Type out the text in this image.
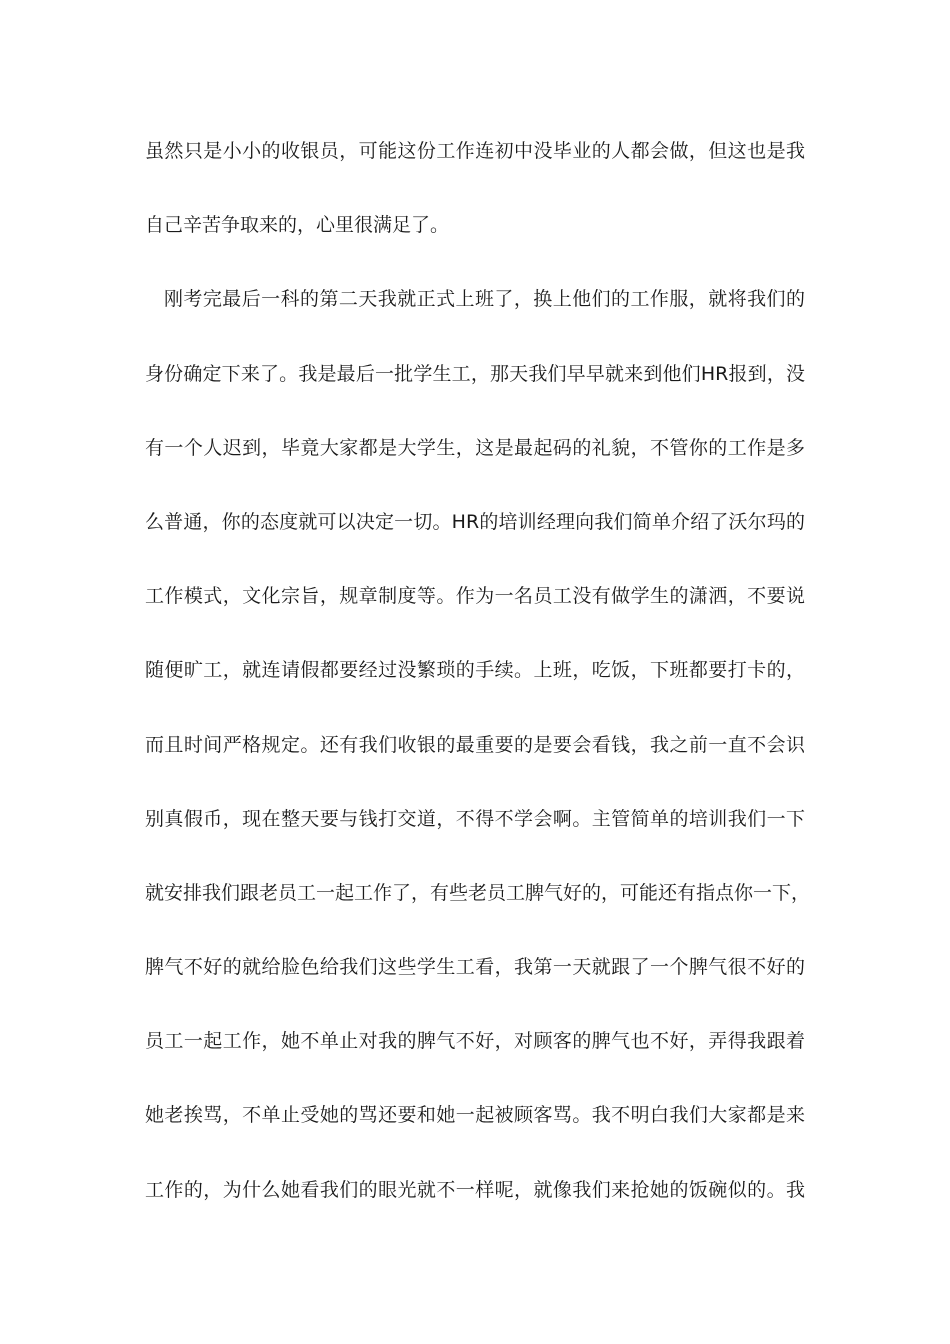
虽然只是小小的收银员，可能这份工作连初中没毕业的人都会做，但这也是我
自己辛苦争取来的，心里很满足了。
刚考完最后一科的第二天我就正式上班了，换上他们的工作服，就将我们的
身份确定下来了。我是最后一批学生工，那天我们早早就来到他们HR报到，没
有一个人迟到，毕竟大家都是大学生，这是最起码的礼貌，不管你的工作是多
么普通，你的态度就可以决定一切。HR的培训经理向我们简单介绍了沃尔玛的
工作模式，文化宗旨，规章制度等。作为一名员工没有做学生的潇洒，不要说
随便旷工，就连请假都要经过没繁琐的手续。上班，吃饭，下班都要打卡的，
而且时间严格规定。还有我们收银的最重要的是要会看钱，我之前一直不会识
别真假币，现在整天要与钱打交道，不得不学会啊。主管简单的培训我们一下
就安排我们跟老员工一起工作了，有些老员工脾气好的，可能还有指点你一下，
脾气不好的就给脸色给我们这些学生工看，我第一天就跟了一个脾气很不好的
员工一起工作，她不单止对我的脾气不好，对顾客的脾气也不好，弄得我跟着
她老挨骂，不单止受她的骂还要和她一起被顾客骂。我不明白我们大家都是来
工作的，为什么她看我们的眼光就不一样呢，就像我们来抢她的饭碗似的。我
